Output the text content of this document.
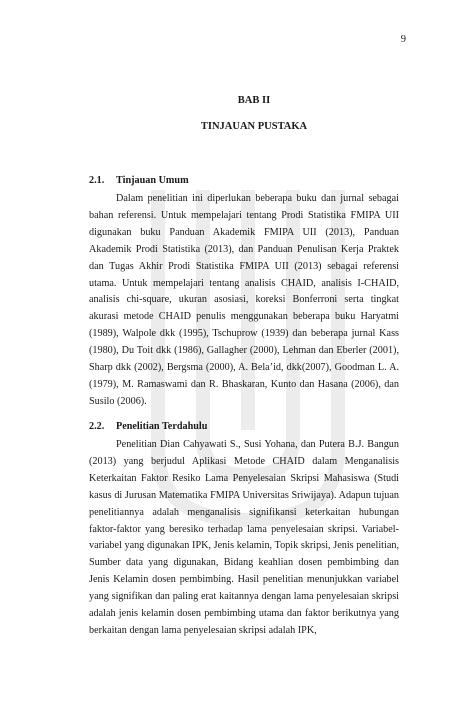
9
BAB II
TINJAUAN PUSTAKA

2.1. Tinjauan Umum

Dalam penelitian ini diperlukan beberapa buku dan jurnal sebagai bahan referensi. Untuk mempelajari tentang Prodi Statistika FMIPA UII digunakan buku Panduan Akademik FMIPA UII (2013), Panduan Akademik Prodi Statistika (2013), dan Panduan Penulisan Kerja Praktek dan Tugas Akhir Prodi Statistika FMIPA UII (2013) sebagai referensi utama. Untuk mempelajari tentang analisis CHAID, analisis I-CHAID, analisis chi-square, ukuran asosiasi, koreksi Bonferroni serta tingkat akurasi metode CHAID penulis menggunakan beberapa buku Haryatmi (1989), Walpole dkk (1995), Tschuprow (1939) dan beberapa jurnal Kass (1980), Du Toit dkk (1986), Gallagher (2000), Lehman dan Eberler (2001), Sharp dkk (2002), Bergsma (2000), A. Bela’id, dkk(2007), Goodman L. A. (1979), M. Ramaswami dan R. Bhaskaran, Kunto dan Hasana (2006), dan Susilo (2006).

2.2. Penelitian Terdahulu

Penelitian Dian Cahyawati S., Susi Yohana, dan Putera B.J. Bangun (2013) yang berjudul Aplikasi Metode CHAID dalam Menganalisis Keterkaitan Faktor Resiko Lama Penyelesaian Skripsi Mahasiswa (Studi kasus di Jurusan Matematika FMIPA Universitas Sriwijaya). Adapun tujuan penelitiannya adalah menganalisis signifikansi keterkaitan hubungan faktor-faktor yang beresiko terhadap lama penyelesaian skripsi. Variabel-variabel yang digunakan IPK, Jenis kelamin, Topik skripsi, Jenis penelitian, Sumber data yang digunakan, Bidang keahlian dosen pembimbing dan Jenis Kelamin dosen pembimbing. Hasil penelitian menunjukkan variabel yang signifikan dan paling erat kaitannya dengan lama penyelesaian skripsi adalah jenis kelamin dosen pembimbing utama dan faktor berikutnya yang berkaitan dengan lama penyelesaian skripsi adalah IPK,
